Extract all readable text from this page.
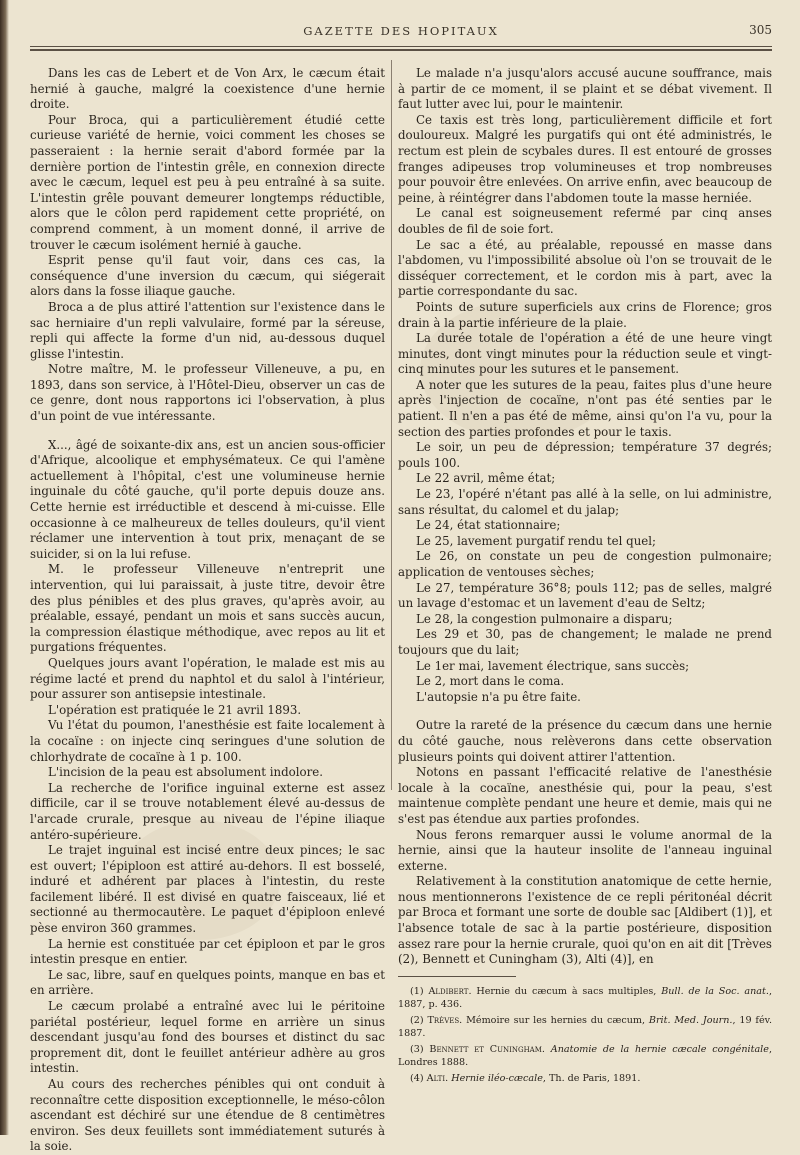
GAZETTE DES HOPITAUX	305

Dans les cas de Lebert et de Von Arx, le cæcum était hernié à gauche, malgré la coexistence d'une hernie droite.

Pour Broca, qui a particulièrement étudié cette curieuse variété de hernie, voici comment les choses se passeraient : la hernie serait d'abord formée par la dernière portion de l'intestin grêle, en connexion directe avec le cæcum, lequel est peu à peu entraîné à sa suite. L'intestin grêle pouvant demeurer longtemps réductible, alors que le côlon perd rapidement cette propriété, on comprend comment, à un moment donné, il arrive de trouver le cæcum isolément hernié à gauche.

Esprit pense qu'il faut voir, dans ces cas, la conséquence d'une inversion du cæcum, qui siégerait alors dans la fosse iliaque gauche.

Broca a de plus attiré l'attention sur l'existence dans le sac herniaire d'un repli valvulaire, formé par la séreuse, repli qui affecte la forme d'un nid, au-dessous duquel glisse l'intestin.

Notre maître, M. le professeur Villeneuve, a pu, en 1893, dans son service, à l'Hôtel-Dieu, observer un cas de ce genre, dont nous rapportons ici l'observation, à plus d'un point de vue intéressante.

X..., âgé de soixante-dix ans, est un ancien sous-officier d'Afrique, alcoolique et emphysémateux. Ce qui l'amène actuellement à l'hôpital, c'est une volumineuse hernie inguinale du côté gauche, qu'il porte depuis douze ans. Cette hernie est irréductible et descend à mi-cuisse. Elle occasionne à ce malheureux de telles douleurs, qu'il vient réclamer une intervention à tout prix, menaçant de se suicider, si on la lui refuse.

M. le professeur Villeneuve n'entreprit une intervention, qui lui paraissait, à juste titre, devoir être des plus pénibles et des plus graves, qu'après avoir, au préalable, essayé, pendant un mois et sans succès aucun, la compression élastique méthodique, avec repos au lit et purgations fréquentes.

Quelques jours avant l'opération, le malade est mis au régime lacté et prend du naphtol et du salol à l'intérieur, pour assurer son antisepsie intestinale.

L'opération est pratiquée le 21 avril 1893.

Vu l'état du poumon, l'anesthésie est faite localement à la cocaïne : on injecte cinq seringues d'une solution de chlorhydrate de cocaïne à 1 p. 100.

L'incision de la peau est absolument indolore.

La recherche de l'orifice inguinal externe est assez difficile, car il se trouve notablement élevé au-dessus de l'arcade crurale, presque au niveau de l'épine iliaque antéro-supérieure.

Le trajet inguinal est incisé entre deux pinces; le sac est ouvert; l'épiploon est attiré au-dehors. Il est bosselé, induré et adhérent par places à l'intestin, du reste facilement libéré. Il est divisé en quatre faisceaux, lié et sectionné au thermocautère. Le paquet d'épiploon enlevé pèse environ 360 grammes.

La hernie est constituée par cet épiploon et par le gros intestin presque en entier.

Le sac, libre, sauf en quelques points, manque en bas et en arrière.

Le cæcum prolabé a entraîné avec lui le péritoine pariétal postérieur, lequel forme en arrière un sinus descendant jusqu'au fond des bourses et distinct du sac proprement dit, dont le feuillet antérieur adhère au gros intestin.

Au cours des recherches pénibles qui ont conduit à reconnaître cette disposition exceptionnelle, le méso-côlon ascendant est déchiré sur une étendue de 8 centimètres environ. Ses deux feuillets sont immédiatement suturés à la soie.

Le malade n'a jusqu'alors accusé aucune souffrance, mais à partir de ce moment, il se plaint et se débat vivement. Il faut lutter avec lui, pour le maintenir.

Ce taxis est très long, particulièrement difficile et fort douloureux. Malgré les purgatifs qui ont été administrés, le rectum est plein de scybales dures. Il est entouré de grosses franges adipeuses trop volumineuses et trop nombreuses pour pouvoir être enlevées. On arrive enfin, avec beaucoup de peine, à réintégrer dans l'abdomen toute la masse herniée.

Le canal est soigneusement refermé par cinq anses doubles de fil de soie fort.

Le sac a été, au préalable, repoussé en masse dans l'abdomen, vu l'impossibilité absolue où l'on se trouvait de le disséquer correctement, et le cordon mis à part, avec la partie correspondante du sac.

Points de suture superficiels aux crins de Florence; gros drain à la partie inférieure de la plaie.

La durée totale de l'opération a été de une heure vingt minutes, dont vingt minutes pour la réduction seule et vingt-cinq minutes pour les sutures et le pansement.

A noter que les sutures de la peau, faites plus d'une heure après l'injection de cocaïne, n'ont pas été senties par le patient. Il n'en a pas été de même, ainsi qu'on l'a vu, pour la section des parties profondes et pour le taxis.

Le soir, un peu de dépression; température 37 degrés; pouls 100.

Le 22 avril, même état;

Le 23, l'opéré n'étant pas allé à la selle, on lui administre, sans résultat, du calomel et du jalap;

Le 24, état stationnaire;

Le 25, lavement purgatif rendu tel quel;

Le 26, on constate un peu de congestion pulmonaire; application de ventouses sèches;

Le 27, température 36°8; pouls 112; pas de selles, malgré un lavage d'estomac et un lavement d'eau de Seltz;

Le 28, la congestion pulmonaire a disparu;

Les 29 et 30, pas de changement; le malade ne prend toujours que du lait;

Le 1er mai, lavement électrique, sans succès;

Le 2, mort dans le coma.

L'autopsie n'a pu être faite.

Outre la rareté de la présence du cæcum dans une hernie du côté gauche, nous relèverons dans cette observation plusieurs points qui doivent attirer l'attention.

Notons en passant l'efficacité relative de l'anesthésie locale à la cocaïne, anesthésie qui, pour la peau, s'est maintenue complète pendant une heure et demie, mais qui ne s'est pas étendue aux parties profondes.

Nous ferons remarquer aussi le volume anormal de la hernie, ainsi que la hauteur insolite de l'anneau inguinal externe.

Relativement à la constitution anatomique de cette hernie, nous mentionnerons l'existence de ce repli péritonéal décrit par Broca et formant une sorte de double sac [Aldibert (1)], et l'absence totale de sac à la partie postérieure, disposition assez rare pour la hernie crurale, quoi qu'on en ait dit [Trèves (2), Bennett et Cuningham (3), Alti (4)], en

(1) Aldibert. Hernie du cæcum à sacs multiples, Bull. de la Soc. anat., 1887, p. 436.

(2) Trèves. Mémoire sur les hernies du cæcum, Brit. Med. Journ., 19 fév. 1887.

(3) Bennett et Cuningham. Anatomie de la hernie cæcale congénitale, Londres 1888.

(4) Alti. Hernie iléo-cæcale, Th. de Paris, 1891.
